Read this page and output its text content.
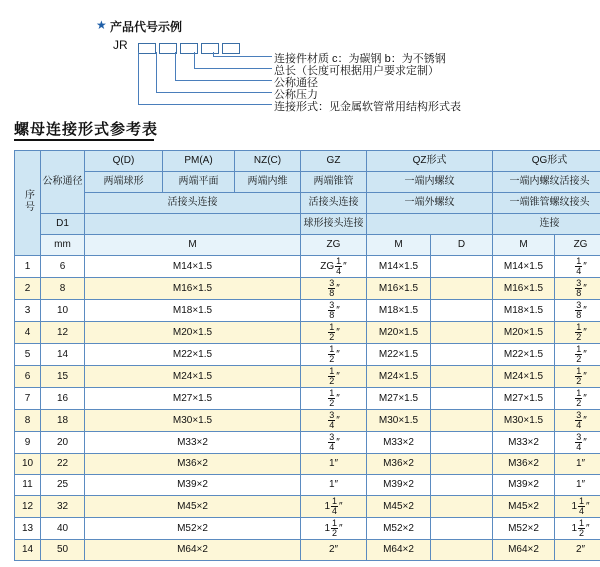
★ 产品代号示例
JR
连接件材质 c：为碳钢 b：为不锈钢
总长（长度可根据用户要求定制）
公称通径
公称压力
连接形式：见金属软管常用结构形式表
螺母连接形式参考表
序号	公称通径	Q(D)	PM(A)	NZ(C)	GZ	QZ形式		QG形式	
		两端球形	两端平面	两端内维	两端锥管	一端内螺纹		一端内螺纹活接头	
		活接头连接			活接头连接	一端外螺纹		一端锥管螺纹接头	
	D1				球形接头连接			连接	
	mm	M			ZG	M	D	M	ZG
1	6	M14×1.5			ZG $\frac{1}{4}$ ″	M14×1.5		M14×1.5	$\frac{1}{4}$ ″
2	8	M16×1.5			$\frac{3}{8}$ ″	M16×1.5		M16×1.5	$\frac{3}{8}$ ″
3	10	M18×1.5			$\frac{3}{8}$ ″	M18×1.5		M18×1.5	$\frac{3}{8}$ ″
4	12	M20×1.5			$\frac{1}{2}$ ″	M20×1.5		M20×1.5	$\frac{1}{2}$ ″
5	14	M22×1.5			$\frac{1}{2}$ ″	M22×1.5		M22×1.5	$\frac{1}{2}$ ″
6	15	M24×1.5			$\frac{1}{2}$ ″	M24×1.5		M24×1.5	$\frac{1}{2}$ ″
7	16	M27×1.5			$\frac{1}{2}$ ″	M27×1.5		M27×1.5	$\frac{1}{2}$ ″
8	18	M30×1.5			$\frac{3}{4}$ ″	M30×1.5		M30×1.5	$\frac{3}{4}$ ″
9	20	M33×2			$\frac{3}{4}$ ″	M33×2		M33×2	$\frac{3}{4}$ ″
10	22	M36×2			1″	M36×2		M36×2	1″
11	25	M39×2			1″	M39×2		M39×2	1″
12	32	M45×2			$1 \frac{1}{4}$ ″	M45×2		M45×2	$1 \frac{1}{4}$ ″
13	40	M52×2			$1 \frac{1}{2}$ ″	M52×2		M52×2	$1 \frac{1}{2}$ ″
14	50	M64×2			2″	M64×2		M64×2	2″
